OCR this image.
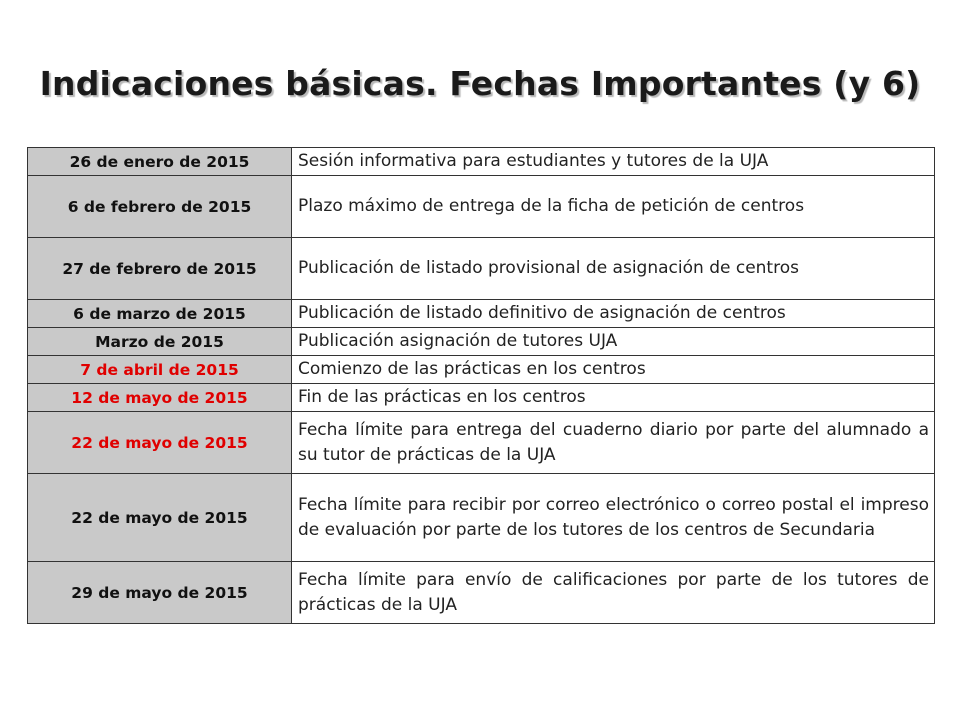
Indicaciones básicas. Fechas Importantes (y 6)
26 de enero de 2015	Sesión informativa para estudiantes y tutores de la UJA
6 de febrero de 2015	Plazo máximo de entrega de la ficha de petición de centros
27 de febrero de 2015	Publicación de listado provisional de asignación de centros
6 de marzo de 2015	Publicación de listado definitivo de asignación de centros
Marzo de 2015	Publicación asignación de tutores UJA
7 de abril de 2015	Comienzo de las prácticas en los centros
12 de mayo de 2015	Fin de las prácticas en los centros
22 de mayo de 2015	Fecha límite para entrega del cuaderno diario por parte del alumnado a su tutor de prácticas de la UJA
22 de mayo de 2015	Fecha límite para recibir por correo electrónico o correo postal el impreso de evaluación por parte de los tutores de los centros de Secundaria
29 de mayo de 2015	Fecha límite para envío de calificaciones por parte de los tutores de prácticas de la UJA
